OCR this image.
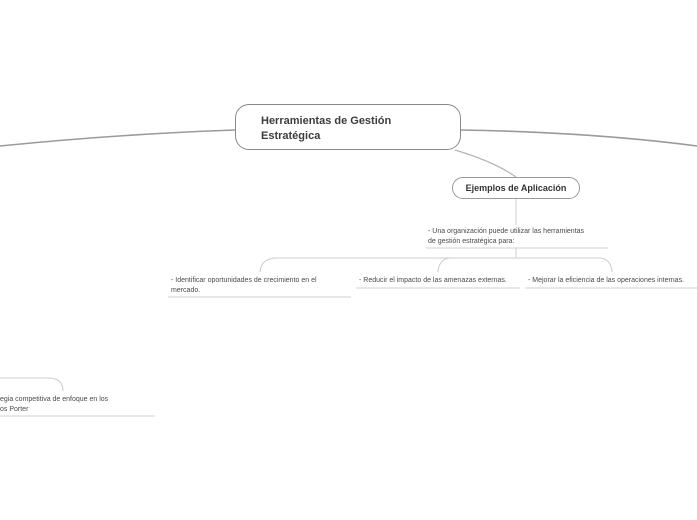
Herramientas de Gestión
Estratégica
Ejemplos de Aplicación
- Una organización puede utilizar las herramientas
de gestión estratégica para:
- Identificar oportunidades de crecimiento en el
mercado.
- Reducir el impacto de las amenazas externas.	- Mejorar la eficiencia de las operaciones internas.
egia competitiva de enfoque en los
os Porter
